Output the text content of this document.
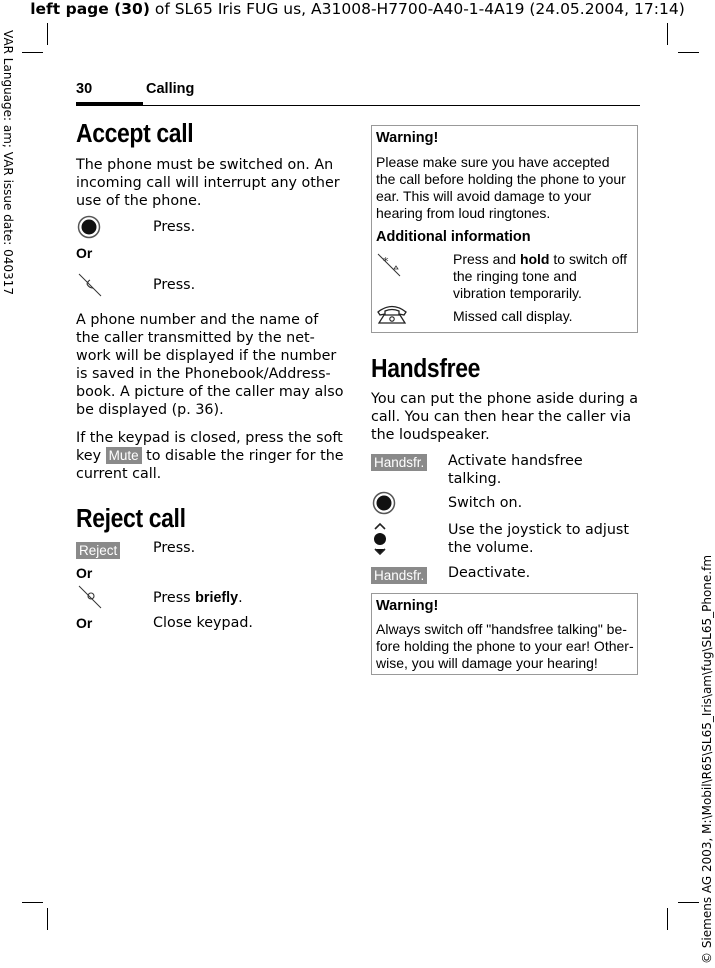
left page (30) of SL65 Iris FUG us, A31008-H7700-A40-1-4A19 (24.05.2004, 17:14)
VAR Language: am; VAR issue date: 040317
© Siemens AG 2003, M:\Mobil\R65\SL65_Iris\am\fug\SL65_Phone.fm
30	Calling
Accept call

The phone must be switched on. An incoming call will interrupt any other use of the phone.

Press.
Or
Press.

A phone number and the name of the caller transmitted by the net-work will be displayed if the number is saved in the Phonebook/Address-book. A picture of the caller may also be displayed (p. 36).

If the keypad is closed, press the soft key Mute to disable the ringer for the current call.

Reject call
Reject Press.
Or
Press briefly.
Or	Close keypad.
Warning!
Please make sure you have accepted the call before holding the phone to your ear. This will avoid damage to your hearing from loud ringtones.
Additional information
*	Press and hold to switch off the ringing tone and vibration temporarily.
Missed call display.
Handsfree

You can put the phone aside during a call. You can then hear the caller via the loudspeaker.

Handsfr. Activate handsfree talking.

Switch on.

Use the joystick to adjust the volume.

Handsfr. Deactivate.
Warning!
Always switch off "handsfree talking" be-fore holding the phone to your ear! Other-wise, you will damage your hearing!
